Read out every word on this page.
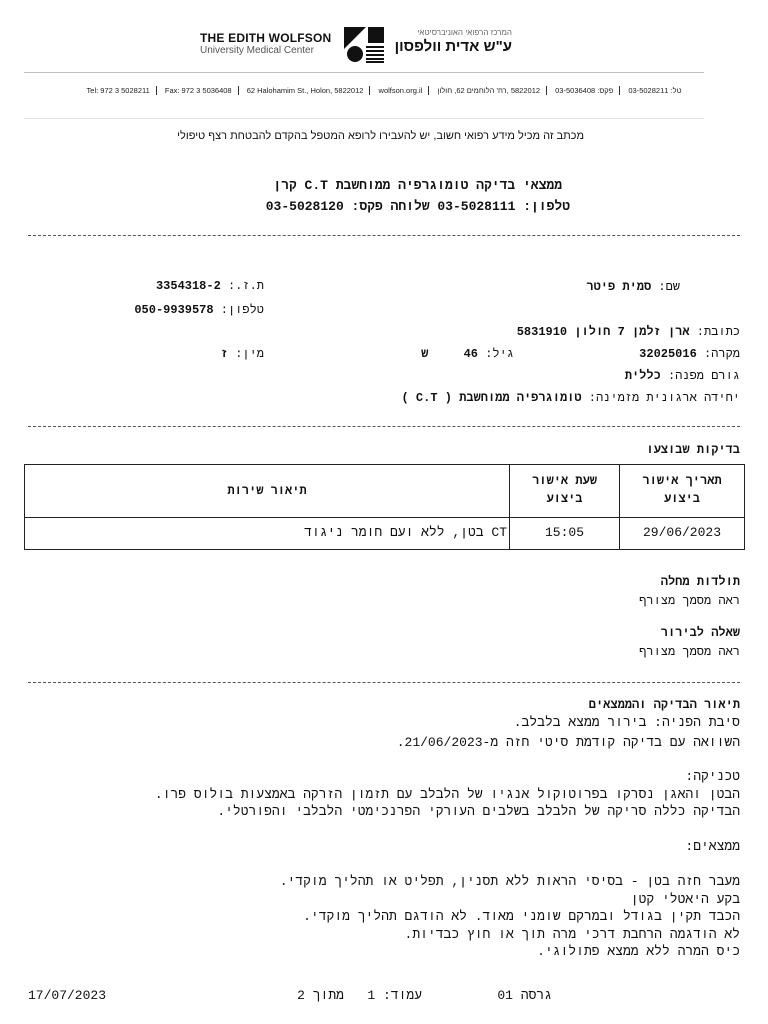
THE EDITH WOLFSON
University Medical Center
המרכז הרפואי האוניברסיטאי
ע"ש אדית וולפסון
Tel: 972 3 5028211 Fax: 972 3 5036408 62 Halohamim St., Holon, 5822012 wolfson.org.il 5822012 ,רח' הלוחמים 62, חולון פקס: 03-5036408 טל: 03-5028211
מכתב זה מכיל מידע רפואי חשוב, יש להעבירו לרופא המטפל בהקדם להבטחת רצף טיפולי
ממצאי בדיקה טומוגרפיה ממוחשבת C.T קרן
טלפון: 03-5028111 שלוחה פקס: 03-5028120
שם: סמית פיטר
ת.ז.: 3354318-2
טלפון: 050-9939578
כתובת: ארן זלמן 7 חולון 5831910
מקרה: 32025016
גיל: 46 ש
מין: ז
גורם מפנה: כללית
יחידה ארגונית מזמינה: טומוגרפיה ממוחשבת ( C.T )
בדיקות שבוצעו
תאריך אישור
ביצוע
שעת אישור
ביצוע
תיאור שירות
29/06/2023
15:05
CT בטן, ללא ועם חומר ניגוד
תולדות מחלה
ראה מסמך מצורף
שאלה לבירור
ראה מסמך מצורף
תיאור הבדיקה והממצאים
סיבת הפניה: בירור ממצא בלבלב.
השוואה עם בדיקה קודמת סיטי חזה מ-21/06/2023.
טכניקה:
הבטן והאגן נסרקו בפרוטוקול אנגיו של הלבלב עם תזמון הזרקה באמצעות בולוס פרו.
הבדיקה כללה סריקה של הלבלב בשלבים העורקי הפרנכימטי הלבלבי והפורטלי.
ממצאים:
מעבר חזה בטן - בסיסי הראות ללא תסנין, תפליט או תהליך מוקדי.
בקע היאטלי קטן
הכבד תקין בגודל ובמרקם שומני מאוד. לא הודגם תהליך מוקדי.
לא הודגמה הרחבת דרכי מרה תוך או חוץ כבדיות.
כיס המרה ללא ממצא פתולוגי.
17/07/2023	עמוד: 1   מתוך 2	גרסה 01
